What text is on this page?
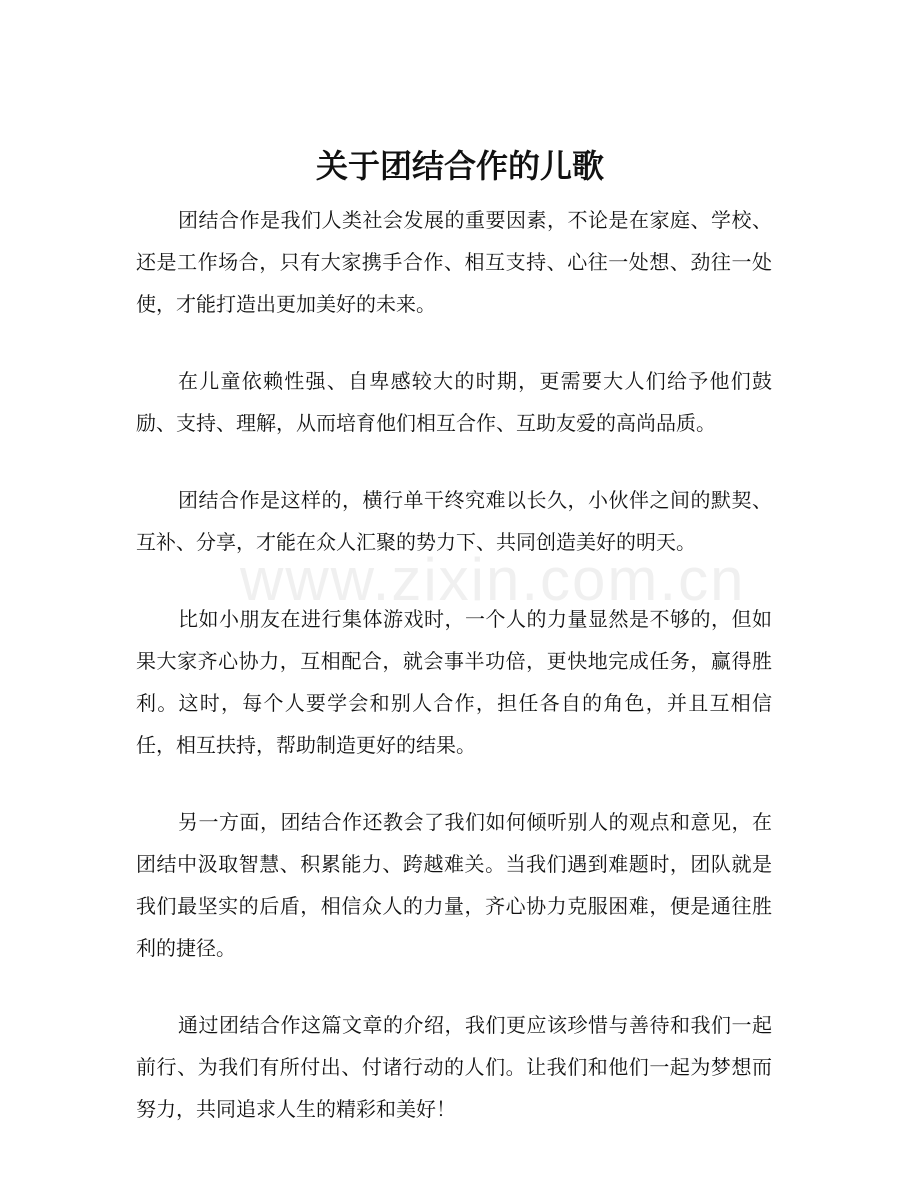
关于团结合作的儿歌

团结合作是我们人类社会发展的重要因素，不论是在家庭、学校、还是工作场合，只有大家携手合作、相互支持、心往一处想、劲往一处使，才能打造出更加美好的未来。

在儿童依赖性强、自卑感较大的时期，更需要大人们给予他们鼓励、支持、理解，从而培育他们相互合作、互助友爱的高尚品质。

团结合作是这样的，横行单干终究难以长久，小伙伴之间的默契、互补、分享，才能在众人汇聚的势力下、共同创造美好的明天。

比如小朋友在进行集体游戏时，一个人的力量显然是不够的，但如果大家齐心协力，互相配合，就会事半功倍，更快地完成任务，赢得胜利。这时，每个人要学会和别人合作，担任各自的角色，并且互相信任，相互扶持，帮助制造更好的结果。

另一方面，团结合作还教会了我们如何倾听别人的观点和意见，在团结中汲取智慧、积累能力、跨越难关。当我们遇到难题时，团队就是我们最坚实的后盾，相信众人的力量，齐心协力克服困难，便是通往胜利的捷径。

通过团结合作这篇文章的介绍，我们更应该珍惜与善待和我们一起前行、为我们有所付出、付诸行动的人们。让我们和他们一起为梦想而努力，共同追求人生的精彩和美好！

www.zixin.com.cn
